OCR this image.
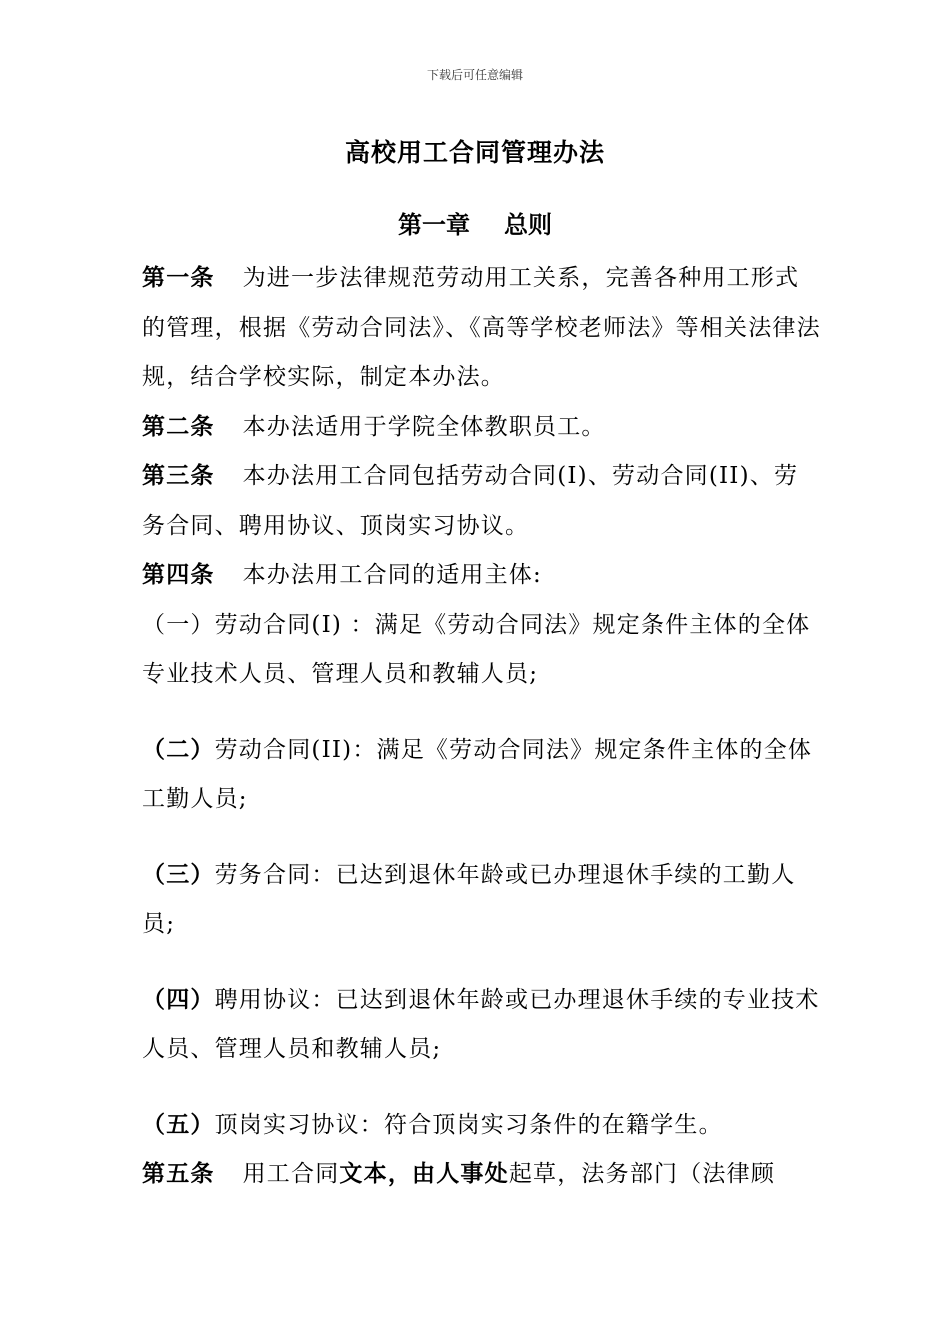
下载后可任意编辑
高校用工合同管理办法
第一章 总则

第一条 为进一步法律规范劳动用工关系，完善各种用工形式的管理，根据《劳动合同法》、《高等学校老师法》等相关法律法规，结合学校实际，制定本办法。

第二条 本办法适用于学院全体教职员工。

第三条 本办法用工合同包括劳动合同(I)、劳动合同(II)、劳务合同、聘用协议、顶岗实习协议。

第四条 本办法用工合同的适用主体:

（一）劳动合同(I) ：满足《劳动合同法》规定条件主体的全体专业技术人员、管理人员和教辅人员;

（二）劳动合同(II)：满足《劳动合同法》规定条件主体的全体工勤人员;

（三）劳务合同：已达到退休年龄或已办理退休手续的工勤人员;

（四）聘用协议：已达到退休年龄或已办理退休手续的专业技术人员、管理人员和教辅人员;

（五）顶岗实习协议：符合顶岗实习条件的在籍学生。

第五条 用工合同文本，由人事处起草，法务部门（法律顾
